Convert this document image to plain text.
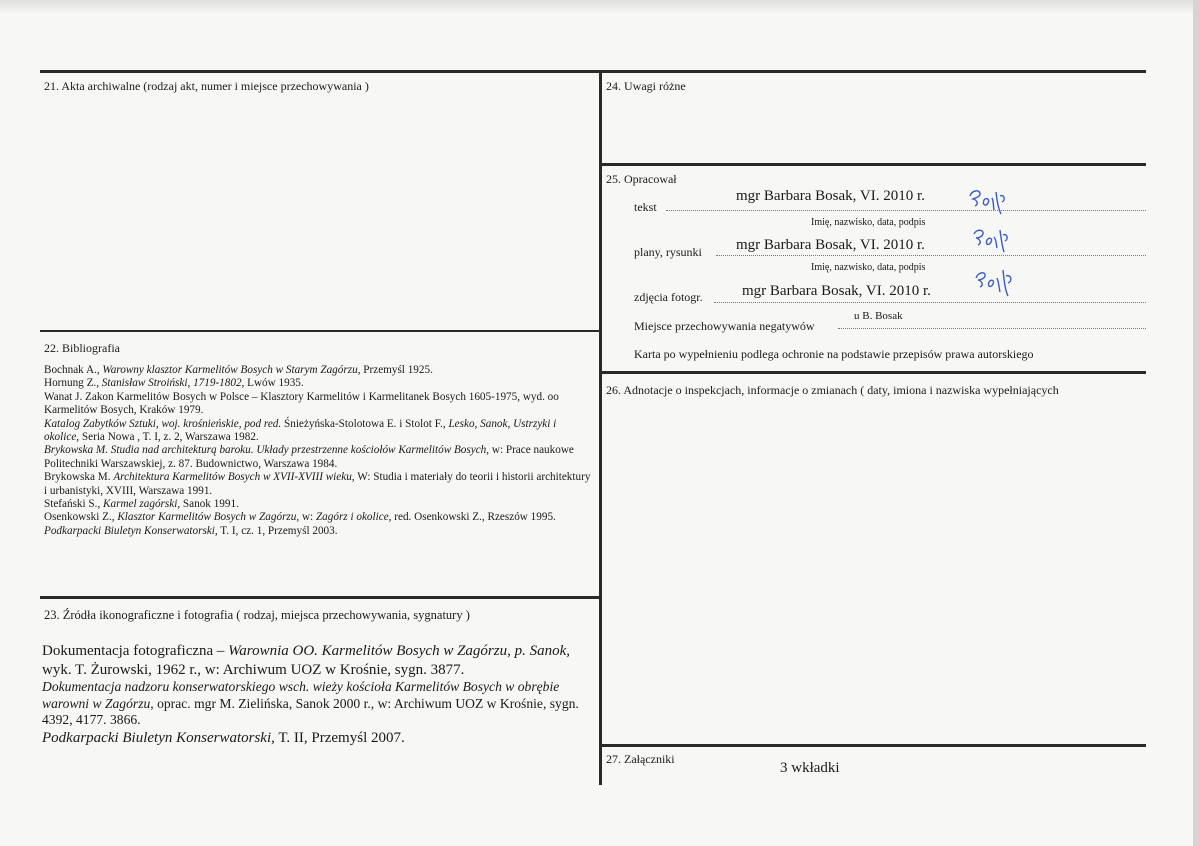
21. Akta archiwalne (rodzaj akt, numer i miejsce przechowywania )
22. Bibliografia

Bochnak A., Warowny klasztor Karmelitów Bosych w Starym Zagórzu, Przemyśl 1925.

Hornung Z., Stanisław Stroiński, 1719-1802, Lwów 1935.

Wanat J. Zakon Karmelitów Bosych w Polsce – Klasztory Karmelitów i Karmelitanek Bosych 1605-1975, wyd. oo Karmelitów Bosych, Kraków 1979.

Katalog Zabytków Sztuki, woj. krośnieńskie, pod red. Śnieżyńska-Stolotowa E. i Stolot F., Lesko, Sanok, Ustrzyki i okolice, Seria Nowa , T. I, z. 2, Warszawa 1982.

Brykowska M. Studia nad architekturą baroku. Układy przestrzenne kościołów Karmelitów Bosych, w: Prace naukowe Politechniki Warszawskiej, z. 87. Budownictwo, Warszawa 1984.

Brykowska M. Architektura Karmelitów Bosych w XVII-XVIII wieku, W: Studia i materiały do teorii i historii architektury i urbanistyki, XVIII, Warszawa 1991.

Stefański S., Karmel zagórski, Sanok 1991.

Osenkowski Z., Klasztor Karmelitów Bosych w Zagórzu, w: Zagórz i okolice, red. Osenkowski Z., Rzeszów 1995.

Podkarpacki Biuletyn Konserwatorski, T. I, cz. 1, Przemyśl 2003.

23. Źródła ikonograficzne i fotografia ( rodzaj, miejsca przechowywania, sygnatury )

Dokumentacja fotograficzna – Warownia OO. Karmelitów Bosych w Zagórzu, p. Sanok, wyk. T. Żurowski, 1962 r., w: Archiwum UOZ w Krośnie, sygn. 3877.

Dokumentacja nadzoru konserwatorskiego wsch. wieży kościoła Karmelitów Bosych w obrębie warowni w Zagórzu, oprac. mgr M. Zielińska, Sanok 2000 r., w: Archiwum UOZ w Krośnie, sygn. 4392, 4177. 3866.

Podkarpacki Biuletyn Konserwatorski, T. II, Przemyśl 2007.

24. Uwagi różne
25. Opracował
tekst
mgr Barbara Bosak, VI. 2010 r.
Imię, nazwisko, data, podpis
plany, rysunki mgr Barbara Bosak, VI. 2010 r.
Imię, nazwisko, data, podpis
zdjęcia fotogr.	mgr Barbara Bosak, VI. 2010 r.
Miejsce przechowywania negatywów
u B. Bosak
Karta po wypełnieniu podlega ochronie na podstawie przepisów prawa autorskiego
26. Adnotacje o inspekcjach, informacje o zmianach ( daty, imiona i nazwiska wypełniających
27. Załączniki
3 wkładki
